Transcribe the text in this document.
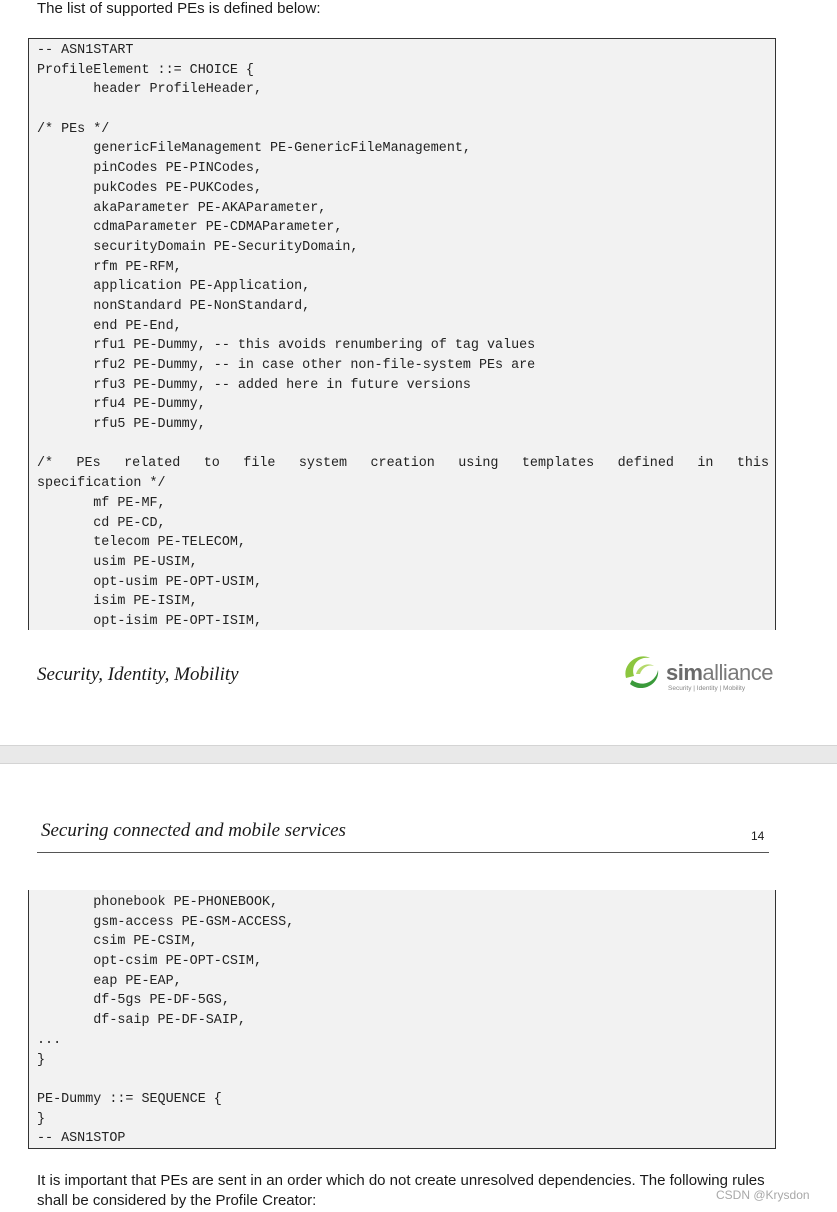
The list of supported PEs is defined below:
-- ASN1START
ProfileElement ::= CHOICE {
header ProfileHeader,
/* PEs */
genericFileManagement PE-GenericFileManagement,
pinCodes PE-PINCodes,
pukCodes PE-PUKCodes,
akaParameter PE-AKAParameter,
cdmaParameter PE-CDMAParameter,
securityDomain PE-SecurityDomain,
rfm PE-RFM,
application PE-Application,
nonStandard PE-NonStandard,
end PE-End,
rfu1 PE-Dummy, -- this avoids renumbering of tag values
rfu2 PE-Dummy, -- in case other non-file-system PEs are
rfu3 PE-Dummy, -- added here in future versions
rfu4 PE-Dummy,
rfu5 PE-Dummy,
/* PEs related to file system creation using templates defined in this
specification */
mf PE-MF,
cd PE-CD,
telecom PE-TELECOM,
usim PE-USIM,
opt-usim PE-OPT-USIM,
isim PE-ISIM,
opt-isim PE-OPT-ISIM,
Security, Identity, Mobility	simalliance
Security | Identity | Mobility
Securing connected and mobile services	14
phonebook PE-PHONEBOOK,
gsm-access PE-GSM-ACCESS,
csim PE-CSIM,
opt-csim PE-OPT-CSIM,
eap PE-EAP,
df-5gs PE-DF-5GS,
df-saip PE-DF-SAIP,
...
}
PE-Dummy ::= SEQUENCE {
}
-- ASN1STOP
It is important that PEs are sent in an order which do not create unresolved dependencies. The following rules shall be considered by the Profile Creator:	CSDN @Krysdon
